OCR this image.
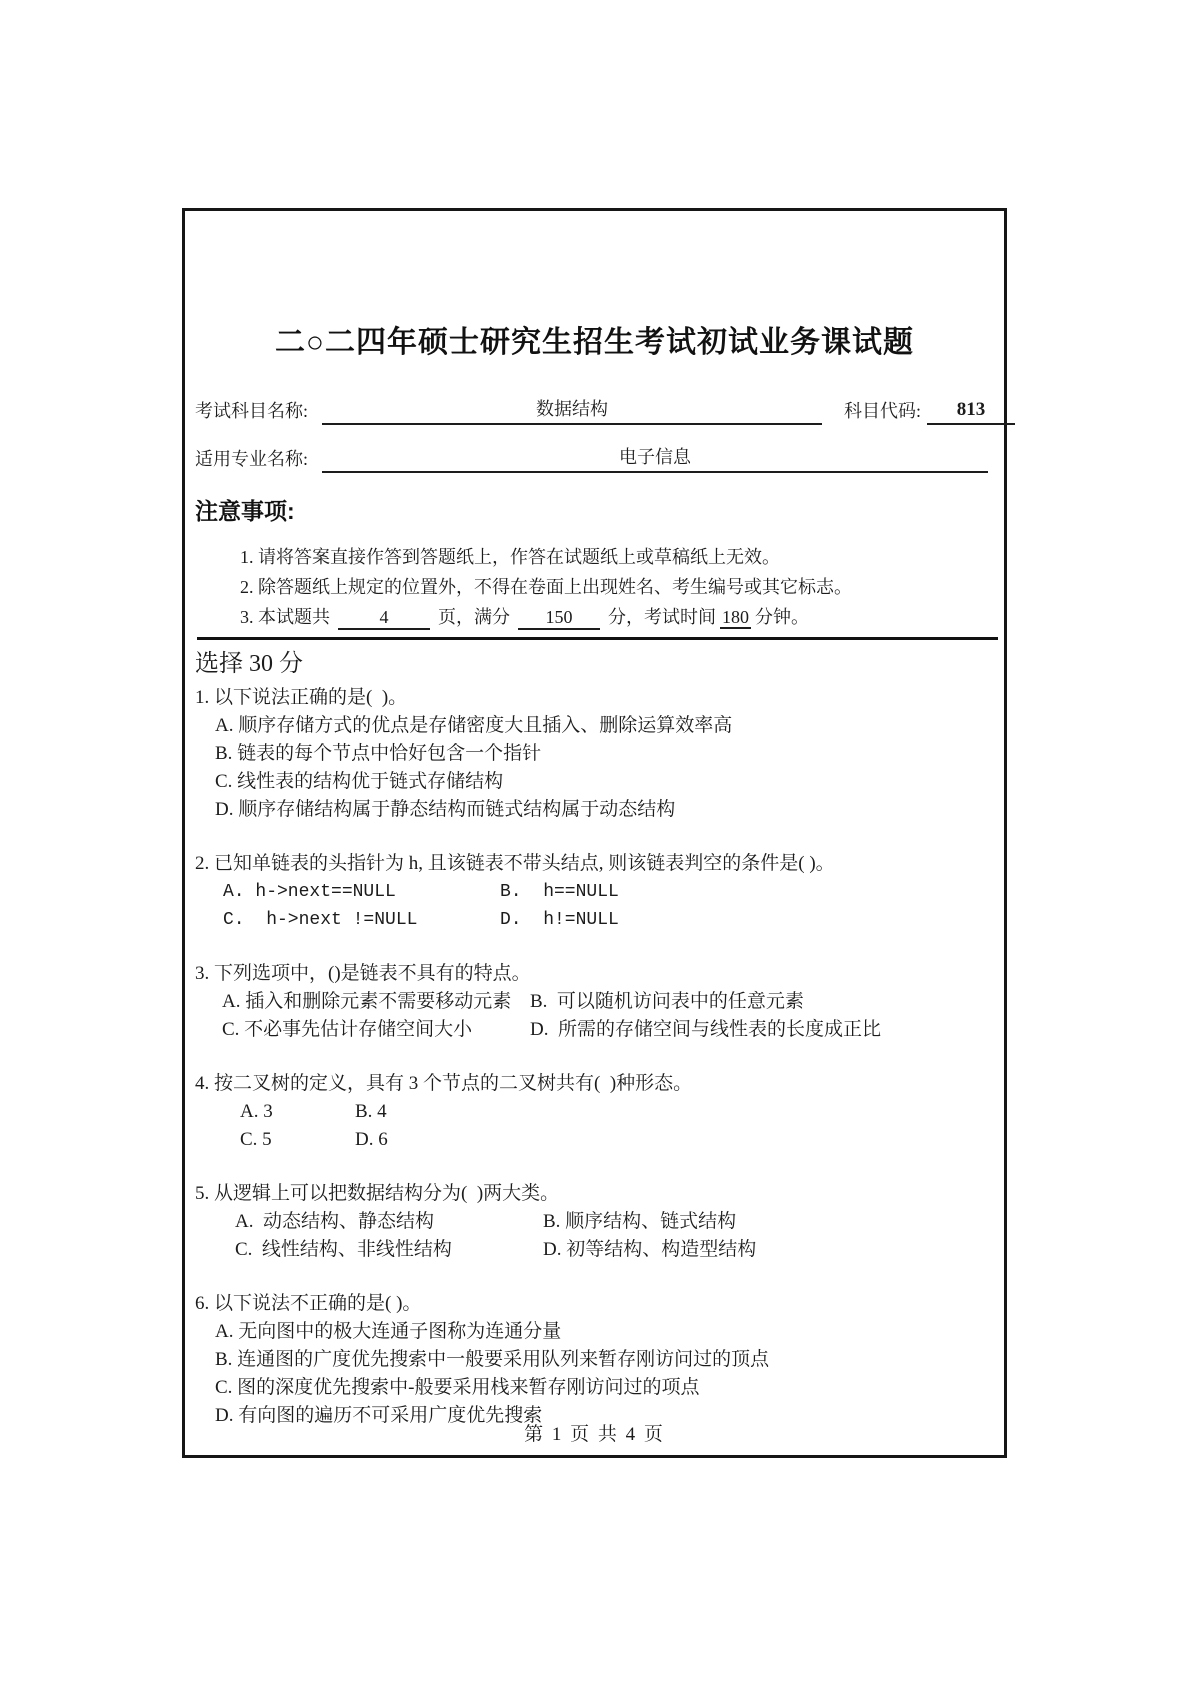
二○二四年硕士研究生招生考试初试业务课试题
考试科目名称:	数据结构	科目代码:	813
适用专业名称:	电子信息
注意事项:
1. 请将答案直接作答到答题纸上，作答在试题纸上或草稿纸上无效。
2. 除答题纸上规定的位置外，不得在卷面上出现姓名、考生编号或其它标志。
3. 本试题共	4	页，满分 150 分，考试时间 180 分钟。
选择 30 分
1. 以下说法正确的是(  )。
A. 顺序存储方式的优点是存储密度大且插入、删除运算效率高
B. 链表的每个节点中恰好包含一个指针
C. 线性表的结构优于链式存储结构
D. 顺序存储结构属于静态结构而链式结构属于动态结构
2. 已知单链表的头指针为 h, 且该链表不带头结点, 则该链表判空的条件是( )。
A. h->next==NULL	B.  h==NULL
C.  h->next !=NULL	D.  h!=NULL
3. 下列选项中，()是链表不具有的特点。
A. 插入和删除元素不需要移动元素 B.  可以随机访问表中的任意元素
C. 不必事先估计存储空间大小	D.  所需的存储空间与线性表的长度成正比
4. 按二叉树的定义，具有 3 个节点的二叉树共有(  )种形态。
A. 3	B. 4
C. 5	D. 6
5. 从逻辑上可以把数据结构分为(  )两大类。
A.  动态结构、静态结构	B. 顺序结构、链式结构
C.  线性结构、非线性结构	D. 初等结构、构造型结构
6. 以下说法不正确的是( )。
A. 无向图中的极大连通子图称为连通分量
B. 连通图的广度优先搜索中一般要采用队列来暂存刚访问过的顶点
C. 图的深度优先搜索中-般要采用栈来暂存刚访问过的项点
D. 有向图的遍历不可采用广度优先搜索
第 1 页 共 4 页
